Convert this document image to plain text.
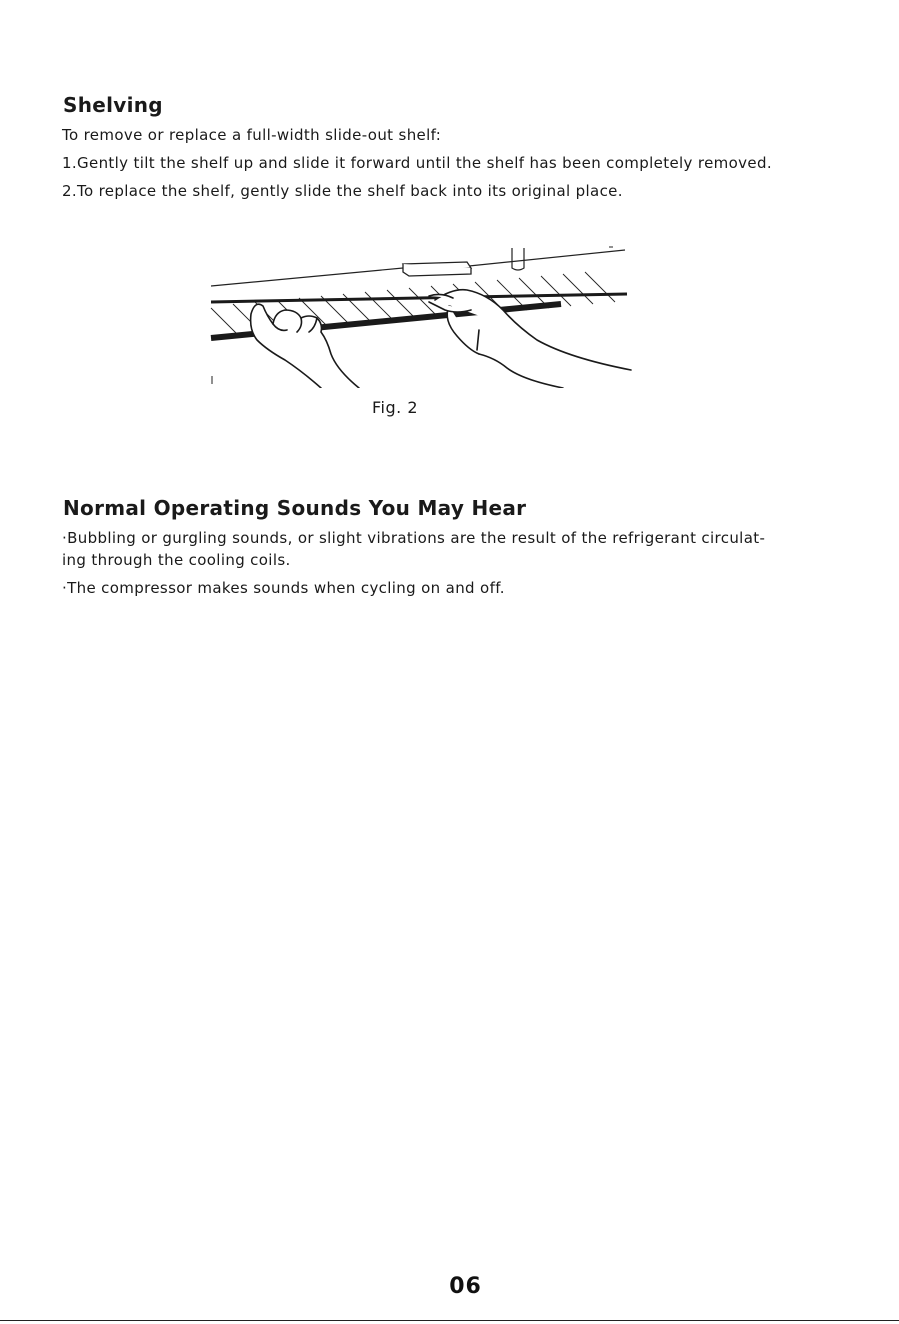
Shelving

To remove or replace a full-width slide-out shelf:

1.Gently tilt the shelf up and slide it forward until the shelf has been completely removed.

2.To replace the shelf, gently slide the shelf back into its original place.

Fig. 2
Normal Operating Sounds You May Hear

·Bubbling or gurgling sounds, or slight vibrations are the result of the refrigerant circulat-

ing through the cooling coils.

·The compressor makes sounds when cycling on and off.

06
